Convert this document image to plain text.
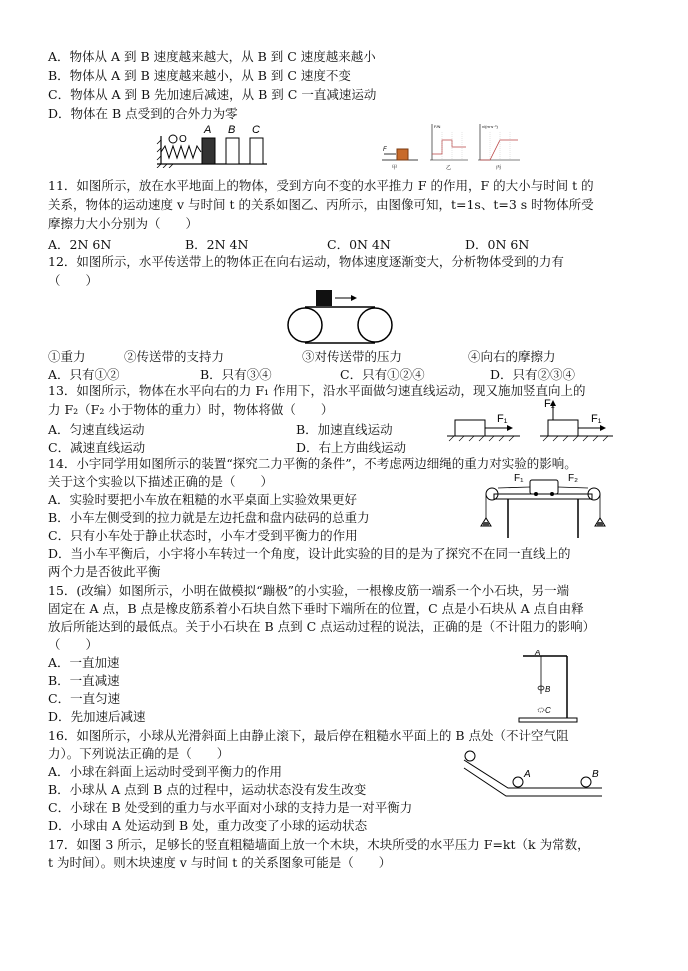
A．物体从 A 到 B 速度越来越大，从 B 到 C 速度越来越小
B．物体从 A 到 B 速度越来越小，从 B 到 C 速度不变
C．物体从 A 到 B 先加速后减速，从 B 到 C 一直减速运动
D．物体在 B 点受到的合外力为零
O
A B C
F
甲
F/N
乙
v/(m·s⁻¹)
丙
11．如图所示，放在水平地面上的物体，受到方向不变的水平推力 F 的作用，F 的大小与时间 t 的
关系，物体的运动速度 v 与时间 t 的关系如图乙、丙所示，由图像可知，t=1s、t=3 s 时物体所受
摩擦力大小分别为（　　）
A．2N 6N	B．2N 4N	C．0N 4N	D．0N 6N
12．如图所示，水平传送带上的物体正在向右运动，物体速度逐渐变大，分析物体受到的力有
（　　）
①重力	②传送带的支持力	③对传送带的压力	④向右的摩擦力
A．只有①②	B．只有③④	C．只有①②④	D．只有②③④
13．如图所示，物体在水平向右的力 F₁ 作用下，沿水平面做匀速直线运动，现又施加竖直向上的
力 F₂（F₂ 小于物体的重力）时，物体将做（　　）
A．匀速直线运动	B．加速直线运动
C．减速直线运动	D．右上方曲线运动
F₁	F₁
F₂
14．小宇同学用如图所示的装置“探究二力平衡的条件”，不考虑两边细绳的重力对实验的影响。
关于这个实验以下描述正确的是（　　）
A．实验时要把小车放在粗糙的水平桌面上实验效果更好
B．小车左侧受到的拉力就是左边托盘和盘内砝码的总重力
C．只有小车处于静止状态时，小车才受到平衡力的作用
D．当小车平衡后，小宇将小车转过一个角度，设计此实验的目的是为了探究不在同一直线上的
两个力是否彼此平衡
F₁	F₂
15．(改编）如图所示，小明在做模拟“蹦极”的小实验，一根橡皮筋一端系一个小石块，另一端
固定在 A 点，B 点是橡皮筋系着小石块自然下垂时下端所在的位置，C 点是小石块从 A 点自由释
放后所能达到的最低点。关于小石块在 B 点到 C 点运动过程的说法，正确的是（不计阻力的影响）
（　　）
A．一直加速
B．一直减速
C．一直匀速
D．先加速后减速
A
B
C
16．如图所示，小球从光滑斜面上由静止滚下，最后停在粗糙水平面上的 B 点处（不计空气阻
力）。下列说法正确的是（　　）
A．小球在斜面上运动时受到平衡力的作用
B．小球从 A 点到 B 点的过程中，运动状态没有发生改变
C．小球在 B 处受到的重力与水平面对小球的支持力是一对平衡力
D．小球由 A 处运动到 B 处，重力改变了小球的运动状态
A	B
17．如图 3 所示，足够长的竖直粗糙墙面上放一个木块，木块所受的水平压力 F=kt（k 为常数，
t 为时间）。则木块速度 v 与时间 t 的关系图象可能是（　　）
